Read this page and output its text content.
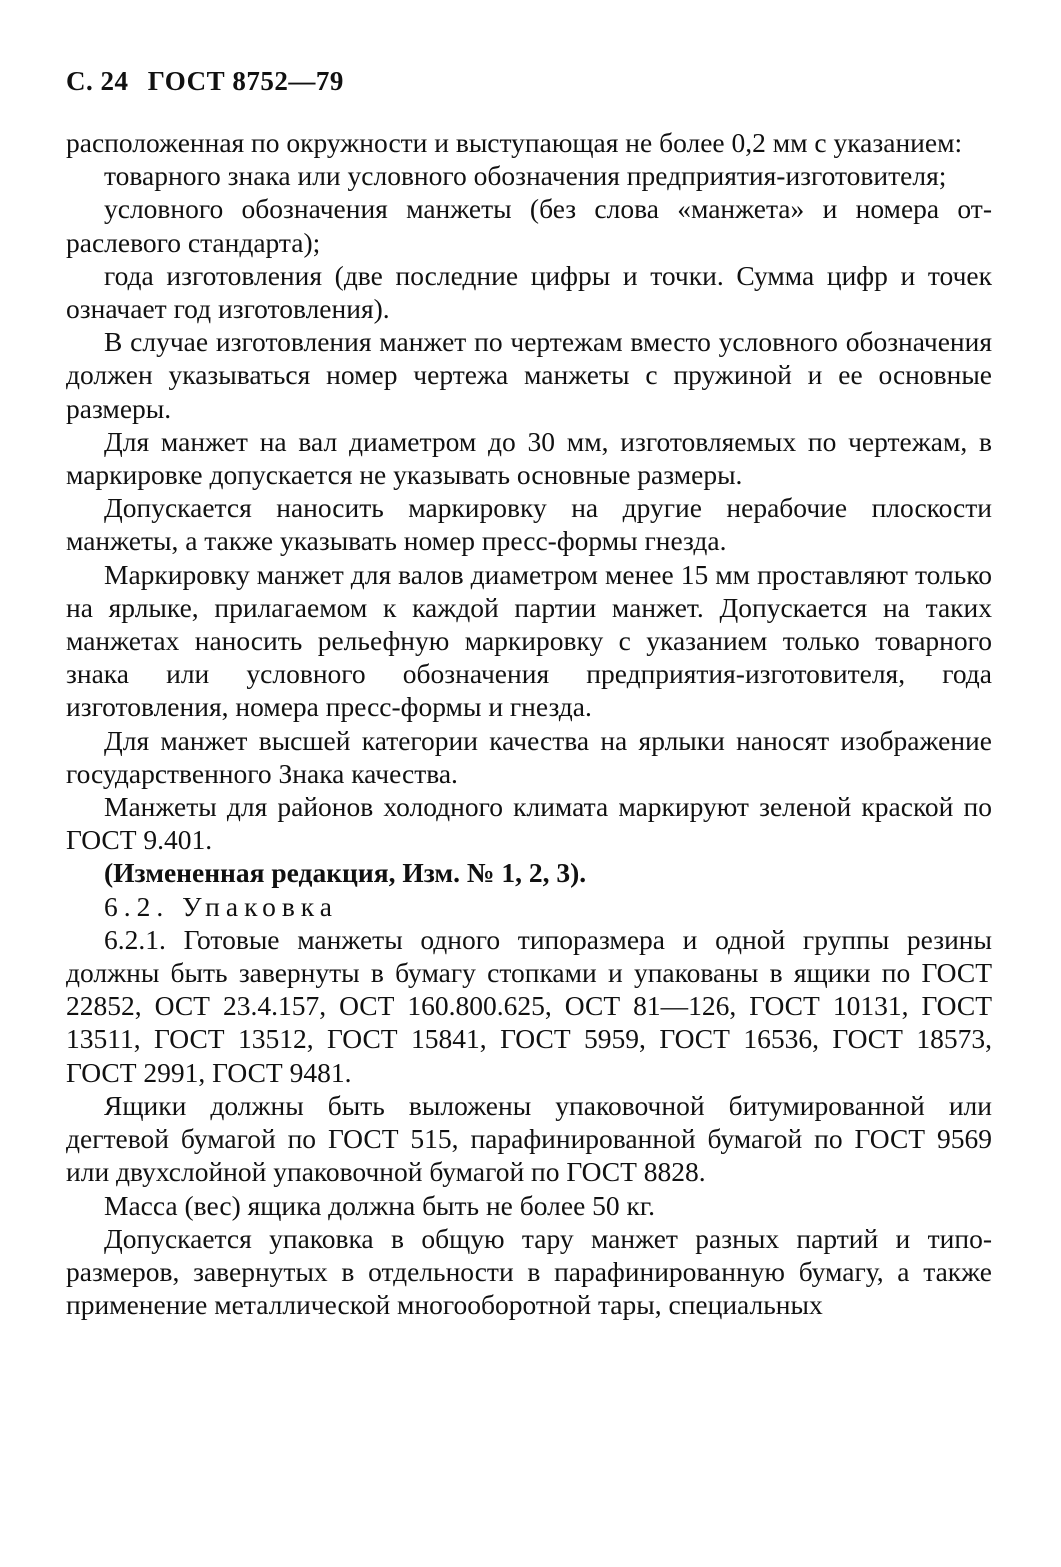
С. 24 ГОСТ 8752—79

расположенная по окружности и выступающая не более 0,2 мм с указанием:

товарного знака или условного обозначения предприятия-изготовителя;

условного обозначения манжеты (без слова «манжета» и номера отраслевого стандарта);

года изготовления (две последние цифры и точки. Сумма цифр и точек означает год изготовления).

В случае изготовления манжет по чертежам вместо условного обозначения должен указываться номер чертежа манжеты с пружиной и ее основные размеры.

Для манжет на вал диаметром до 30 мм, изготовляемых по чертежам, в маркировке допускается не указывать основные размеры.

Допускается наносить маркировку на другие нерабочие плоскости манжеты, а также указывать номер пресс-формы гнезда.

Маркировку манжет для валов диаметром менее 15 мм проставляют только на ярлыке, прилагаемом к каждой партии манжет. Допускается на таких манжетах наносить рельефную маркировку с указанием только товарного знака или условного обозначения предприятия-изготовителя, года изготовления, номера пресс-формы и гнезда.

Для манжет высшей категории качества на ярлыки наносят изображение государственного Знака качества.

Манжеты для районов холодного климата маркируют зеленой краской по ГОСТ 9.401.

(Измененная редакция, Изм. № 1, 2, 3).

6.2. Упаковка

6.2.1. Готовые манжеты одного типоразмера и одной группы резины должны быть завернуты в бумагу стопками и упакованы в ящики по ГОСТ 22852, ОСТ 23.4.157, ОСТ 160.800.625, ОСТ 81—126, ГОСТ 10131, ГОСТ 13511, ГОСТ 13512, ГОСТ 15841, ГОСТ 5959, ГОСТ 16536, ГОСТ 18573, ГОСТ 2991, ГОСТ 9481.

Ящики должны быть выложены упаковочной битумированной или дегтевой бумагой по ГОСТ 515, парафинированной бумагой по ГОСТ 9569 или двухслойной упаковочной бумагой по ГОСТ 8828.

Масса (вес) ящика должна быть не более 50 кг.

Допускается упаковка в общую тару манжет разных партий и типоразмеров, завернутых в отдельности в парафинированную бумагу, а также применение металлической многооборотной тары, специальных
